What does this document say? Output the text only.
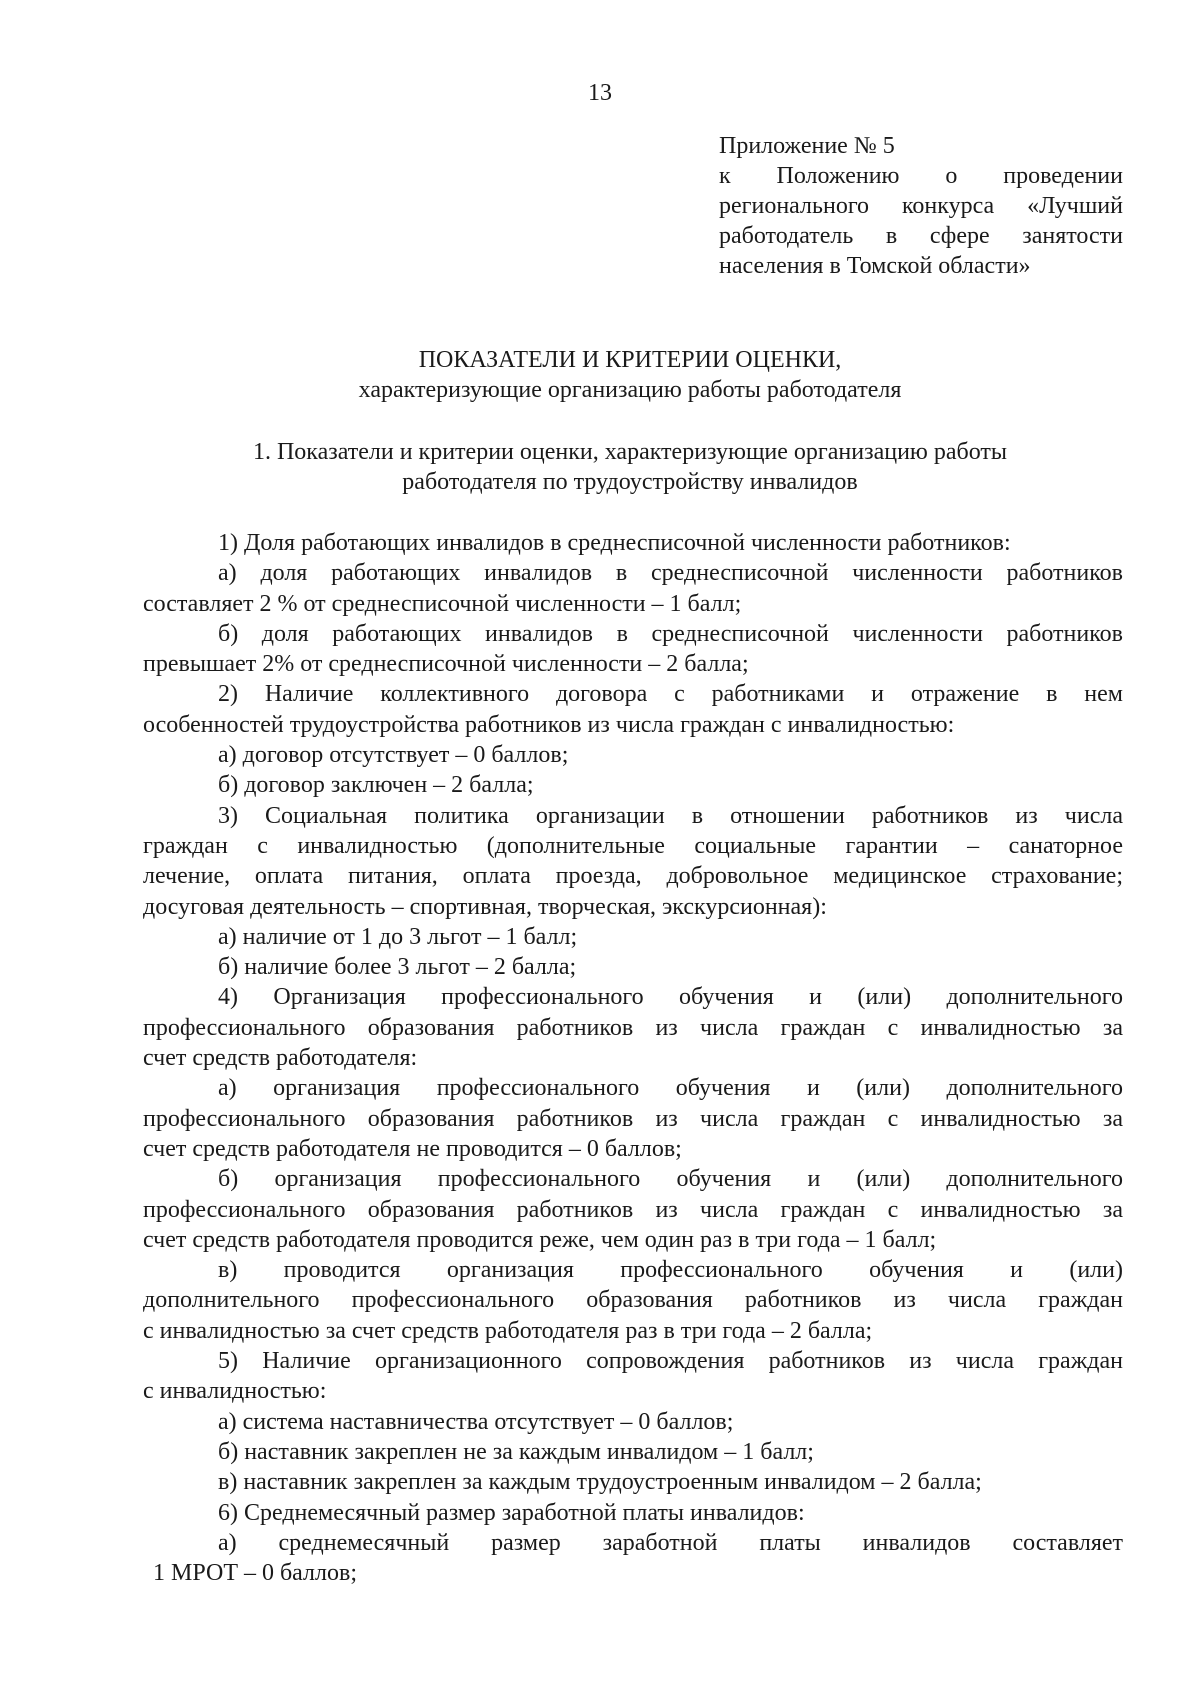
13
Приложение № 5
к Положению о проведении
регионального конкурса «Лучший
работодатель в сфере занятости
населения в Томской области»
ПОКАЗАТЕЛИ И КРИТЕРИИ ОЦЕНКИ,
характеризующие организацию работы работодателя
1. Показатели и критерии оценки, характеризующие организацию работы
работодателя по трудоустройству инвалидов
1) Доля работающих инвалидов в среднесписочной численности работников:
а) доля работающих инвалидов в среднесписочной численности работников
составляет 2 % от среднесписочной численности – 1 балл;
б) доля работающих инвалидов в среднесписочной численности работников
превышает 2% от среднесписочной численности – 2 балла;
2) Наличие коллективного договора с работниками и отражение в нем
особенностей трудоустройства работников из числа граждан с инвалидностью:
а) договор отсутствует – 0 баллов;
б) договор заключен – 2 балла;
3) Социальная политика организации в отношении работников из числа
граждан с инвалидностью (дополнительные социальные гарантии – санаторное
лечение, оплата питания, оплата проезда, добровольное медицинское страхование;
досуговая деятельность – спортивная, творческая, экскурсионная):
а) наличие от 1 до 3 льгот – 1 балл;
б) наличие более 3 льгот – 2 балла;
4) Организация профессионального обучения и (или) дополнительного
профессионального образования работников из числа граждан с инвалидностью за
счет средств работодателя:
а) организация профессионального обучения и (или) дополнительного
профессионального образования работников из числа граждан с инвалидностью за
счет средств работодателя не проводится – 0 баллов;
б) организация профессионального обучения и (или) дополнительного
профессионального образования работников из числа граждан с инвалидностью за
счет средств работодателя проводится реже, чем один раз в три года – 1 балл;
в) проводится организация профессионального обучения и (или)
дополнительного профессионального образования работников из числа граждан
с инвалидностью за счет средств работодателя раз в три года – 2 балла;
5) Наличие организационного сопровождения работников из числа граждан
с инвалидностью:
а) система наставничества отсутствует – 0 баллов;
б) наставник закреплен не за каждым инвалидом – 1 балл;
в) наставник закреплен за каждым трудоустроенным инвалидом – 2 балла;
6) Среднемесячный размер заработной платы инвалидов:
а) среднемесячный размер заработной платы инвалидов составляет
1 МРОТ – 0 баллов;
